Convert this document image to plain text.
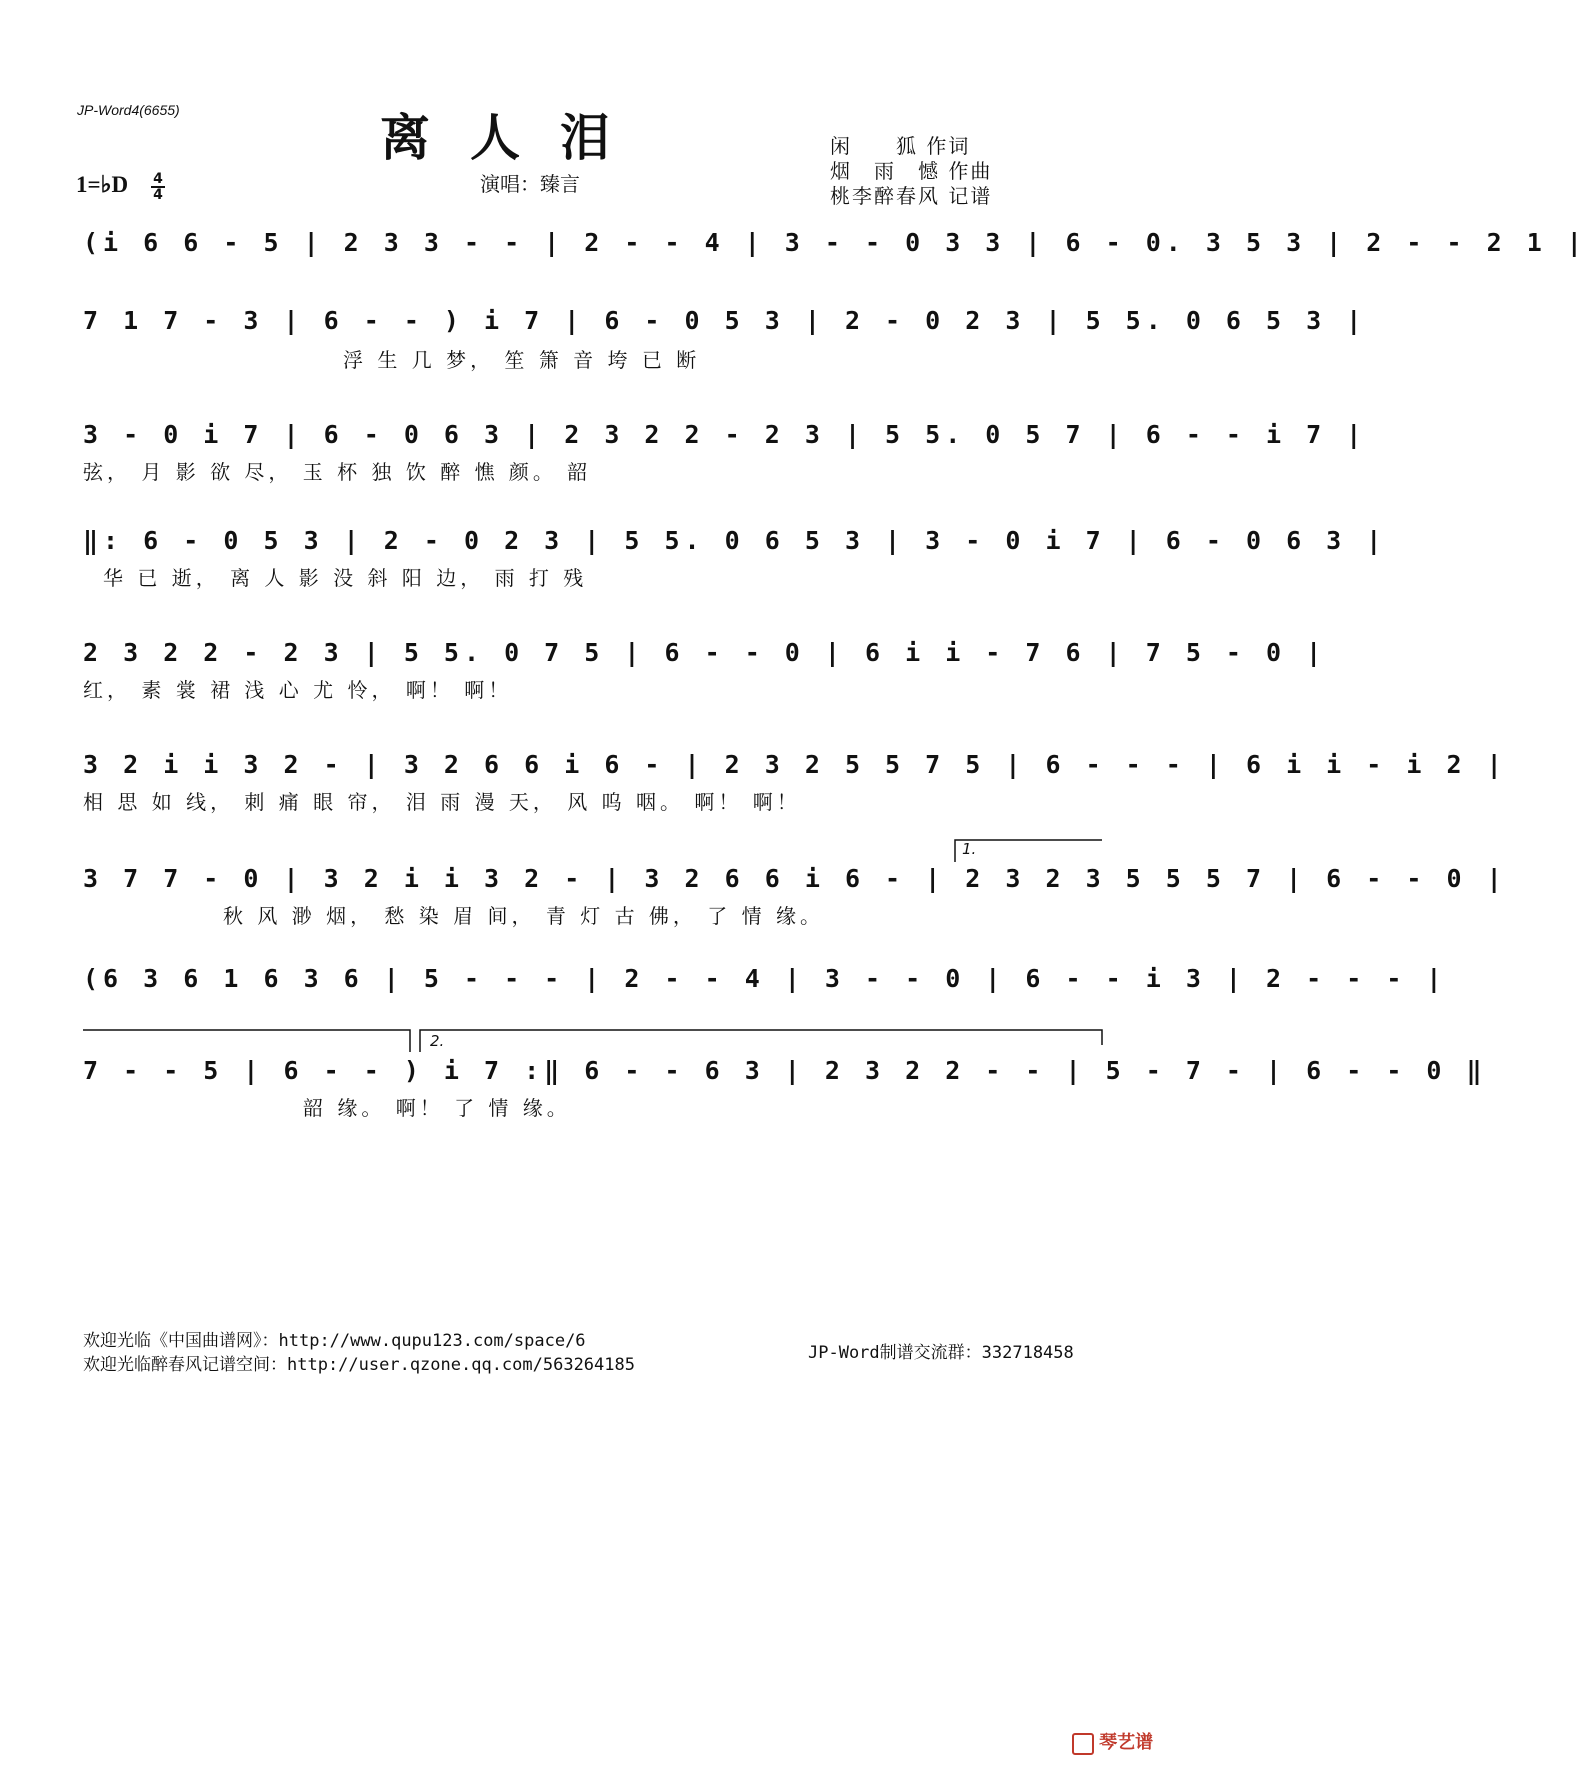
JP-Word4(6655)	离人泪
1=♭D 4
4	演唱：臻言
闲　　狐 作词
烟　雨　憾 作曲
桃李醉春风 记谱
(i 6 6 - 5 | 2 3 3 - - | 2 - - 4 | 3 - - 0 3 3 | 6 - 0. 3 5 3 | 2 - - 2 1 |
7 1 7 - 3 | 6 - - ) i 7 | 6 - 0 5 3 | 2 - 0 2 3 | 5 5. 0 6 5 3 |
浮 生 几 梦， 笙 箫 音 垮 已 断
3 - 0 i 7 | 6 - 0 6 3 | 2 3 2 2 - 2 3 | 5 5. 0 5 7 | 6 - - i 7 |
弦， 月 影 欲 尽， 玉 杯 独 饮 醉 憔 颜。 韶
‖: 6 - 0 5 3 | 2 - 0 2 3 | 5 5. 0 6 5 3 | 3 - 0 i 7 | 6 - 0 6 3 |
华 已 逝， 离 人 影 没 斜 阳 边， 雨 打 残
2 3 2 2 - 2 3 | 5 5. 0 7 5 | 6 - - 0 | 6 i i - 7 6 | 7 5 - 0 |
红， 素 裳 裙 浅 心 尤 怜， 啊！ 啊！
3 2 i i 3 2 - | 3 2 6 6 i 6 - | 2 3 2 5 5 7 5 | 6 - - - | 6 i i - i 2 |
相 思 如 线， 刺 痛 眼 帘， 泪 雨 漫 天， 风 呜 咽。 啊！ 啊！
3 7 7 - 0 | 3 2 i i 3 2 - | 3 2 6 6 i 6 - | 2 3 2 3 5 5 5 7 | 6 - - 0 |
秋 风 渺 烟， 愁 染 眉 间， 青 灯 古 佛， 了 情 缘。
(6 3 6 1 6 3 6 | 5 - - - | 2 - - 4 | 3 - - 0 | 6 - - i 3 | 2 - - - |
7 - - 5 | 6 - - ) i 7 :‖ 6 - - 6 3 | 2 3 2 2 - - | 5 - 7 - | 6 - - 0 ‖
韶 缘。 啊！ 了 情 缘。
1.
2.
欢迎光临《中国曲谱网》：http://www.qupu123.com/space/6
欢迎光临醉春风记谱空间：http://user.qzone.qq.com/563264185
JP-Word制谱交流群：332718458
琴艺谱
